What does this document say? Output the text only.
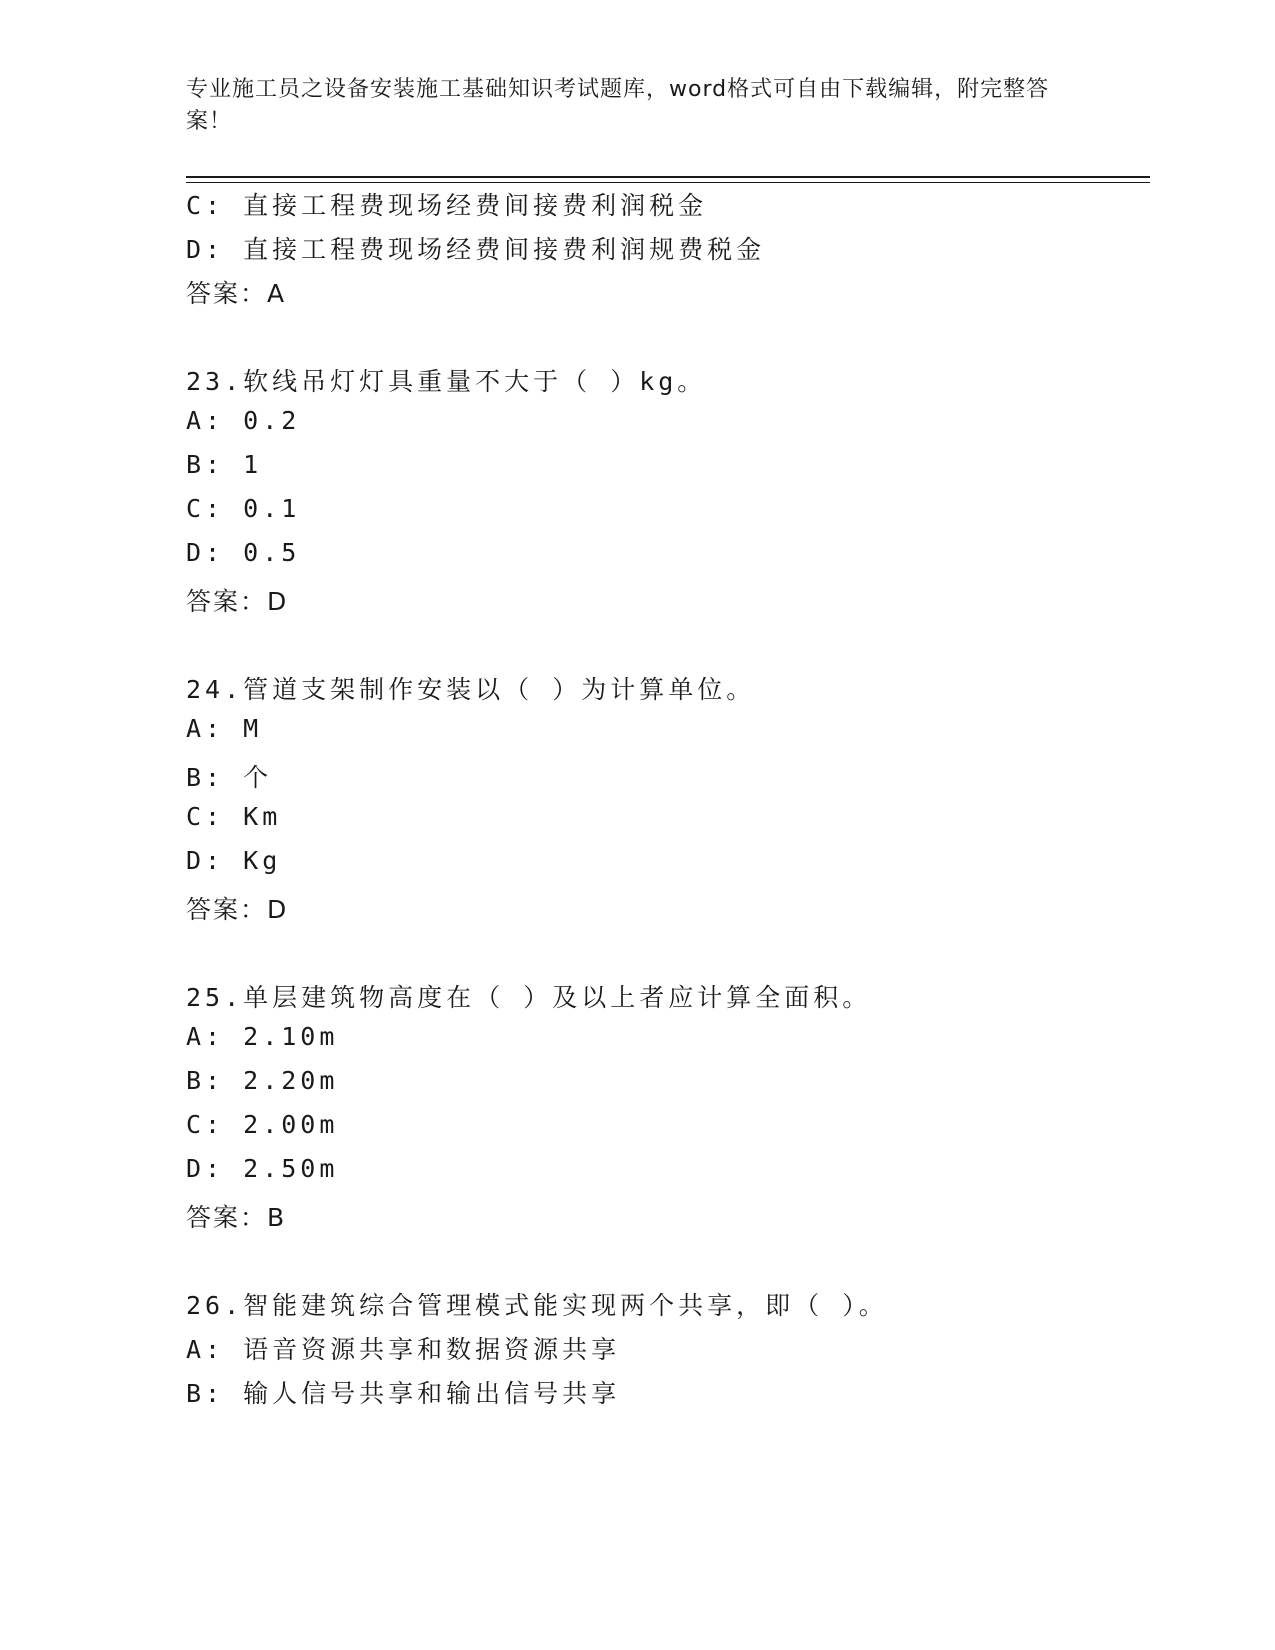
专业施工员之设备安装施工基础知识考试题库，word格式可自由下载编辑，附完整答案！
C: 直接工程费现场经费间接费利润税金
D: 直接工程费现场经费间接费利润规费税金
答案：A
23.软线吊灯灯具重量不大于（ ）kg。
A: 0.2
B: 1
C: 0.1
D: 0.5
答案：D
24.管道支架制作安装以（ ）为计算单位。
A: M
B: 个
C: Km
D: Kg
答案：D
25.单层建筑物高度在（ ）及以上者应计算全面积。
A: 2.10m
B: 2.20m
C: 2.00m
D: 2.50m
答案：B
26.智能建筑综合管理模式能实现两个共享，即（ ）。
A: 语音资源共享和数据资源共享
B: 输人信号共享和输出信号共享
